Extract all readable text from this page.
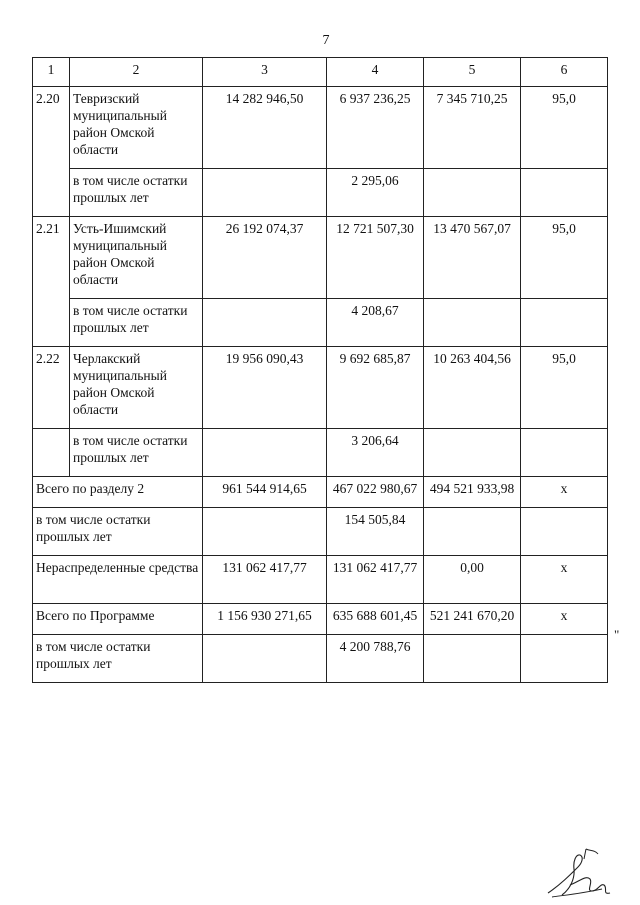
7
1	2	3	4	5	6
2.20	Тевризский муниципальный район Омской области	14 282 946,50	6 937 236,25	7 345 710,25	95,0
	в том числе остатки прошлых лет		2 295,06		
2.21	Усть-Ишимский муниципальный район Омской области	26 192 074,37	12 721 507,30	13 470 567,07	95,0
	в том числе остатки прошлых лет		4 208,67		
2.22	Черлакский муниципальный район Омской области	19 956 090,43	9 692 685,87	10 263 404,56	95,0
	в том числе остатки прошлых лет		3 206,64		
Всего по разделу 2		961 544 914,65	467 022 980,67	494 521 933,98	х
в том числе остатки прошлых лет			154 505,84		
Нераспределенные средства		131 062 417,77	131 062 417,77	0,00	х
Всего по Программе		1 156 930 271,65	635 688 601,45	521 241 670,20	х
в том числе остатки прошлых лет			4 200 788,76		
"
